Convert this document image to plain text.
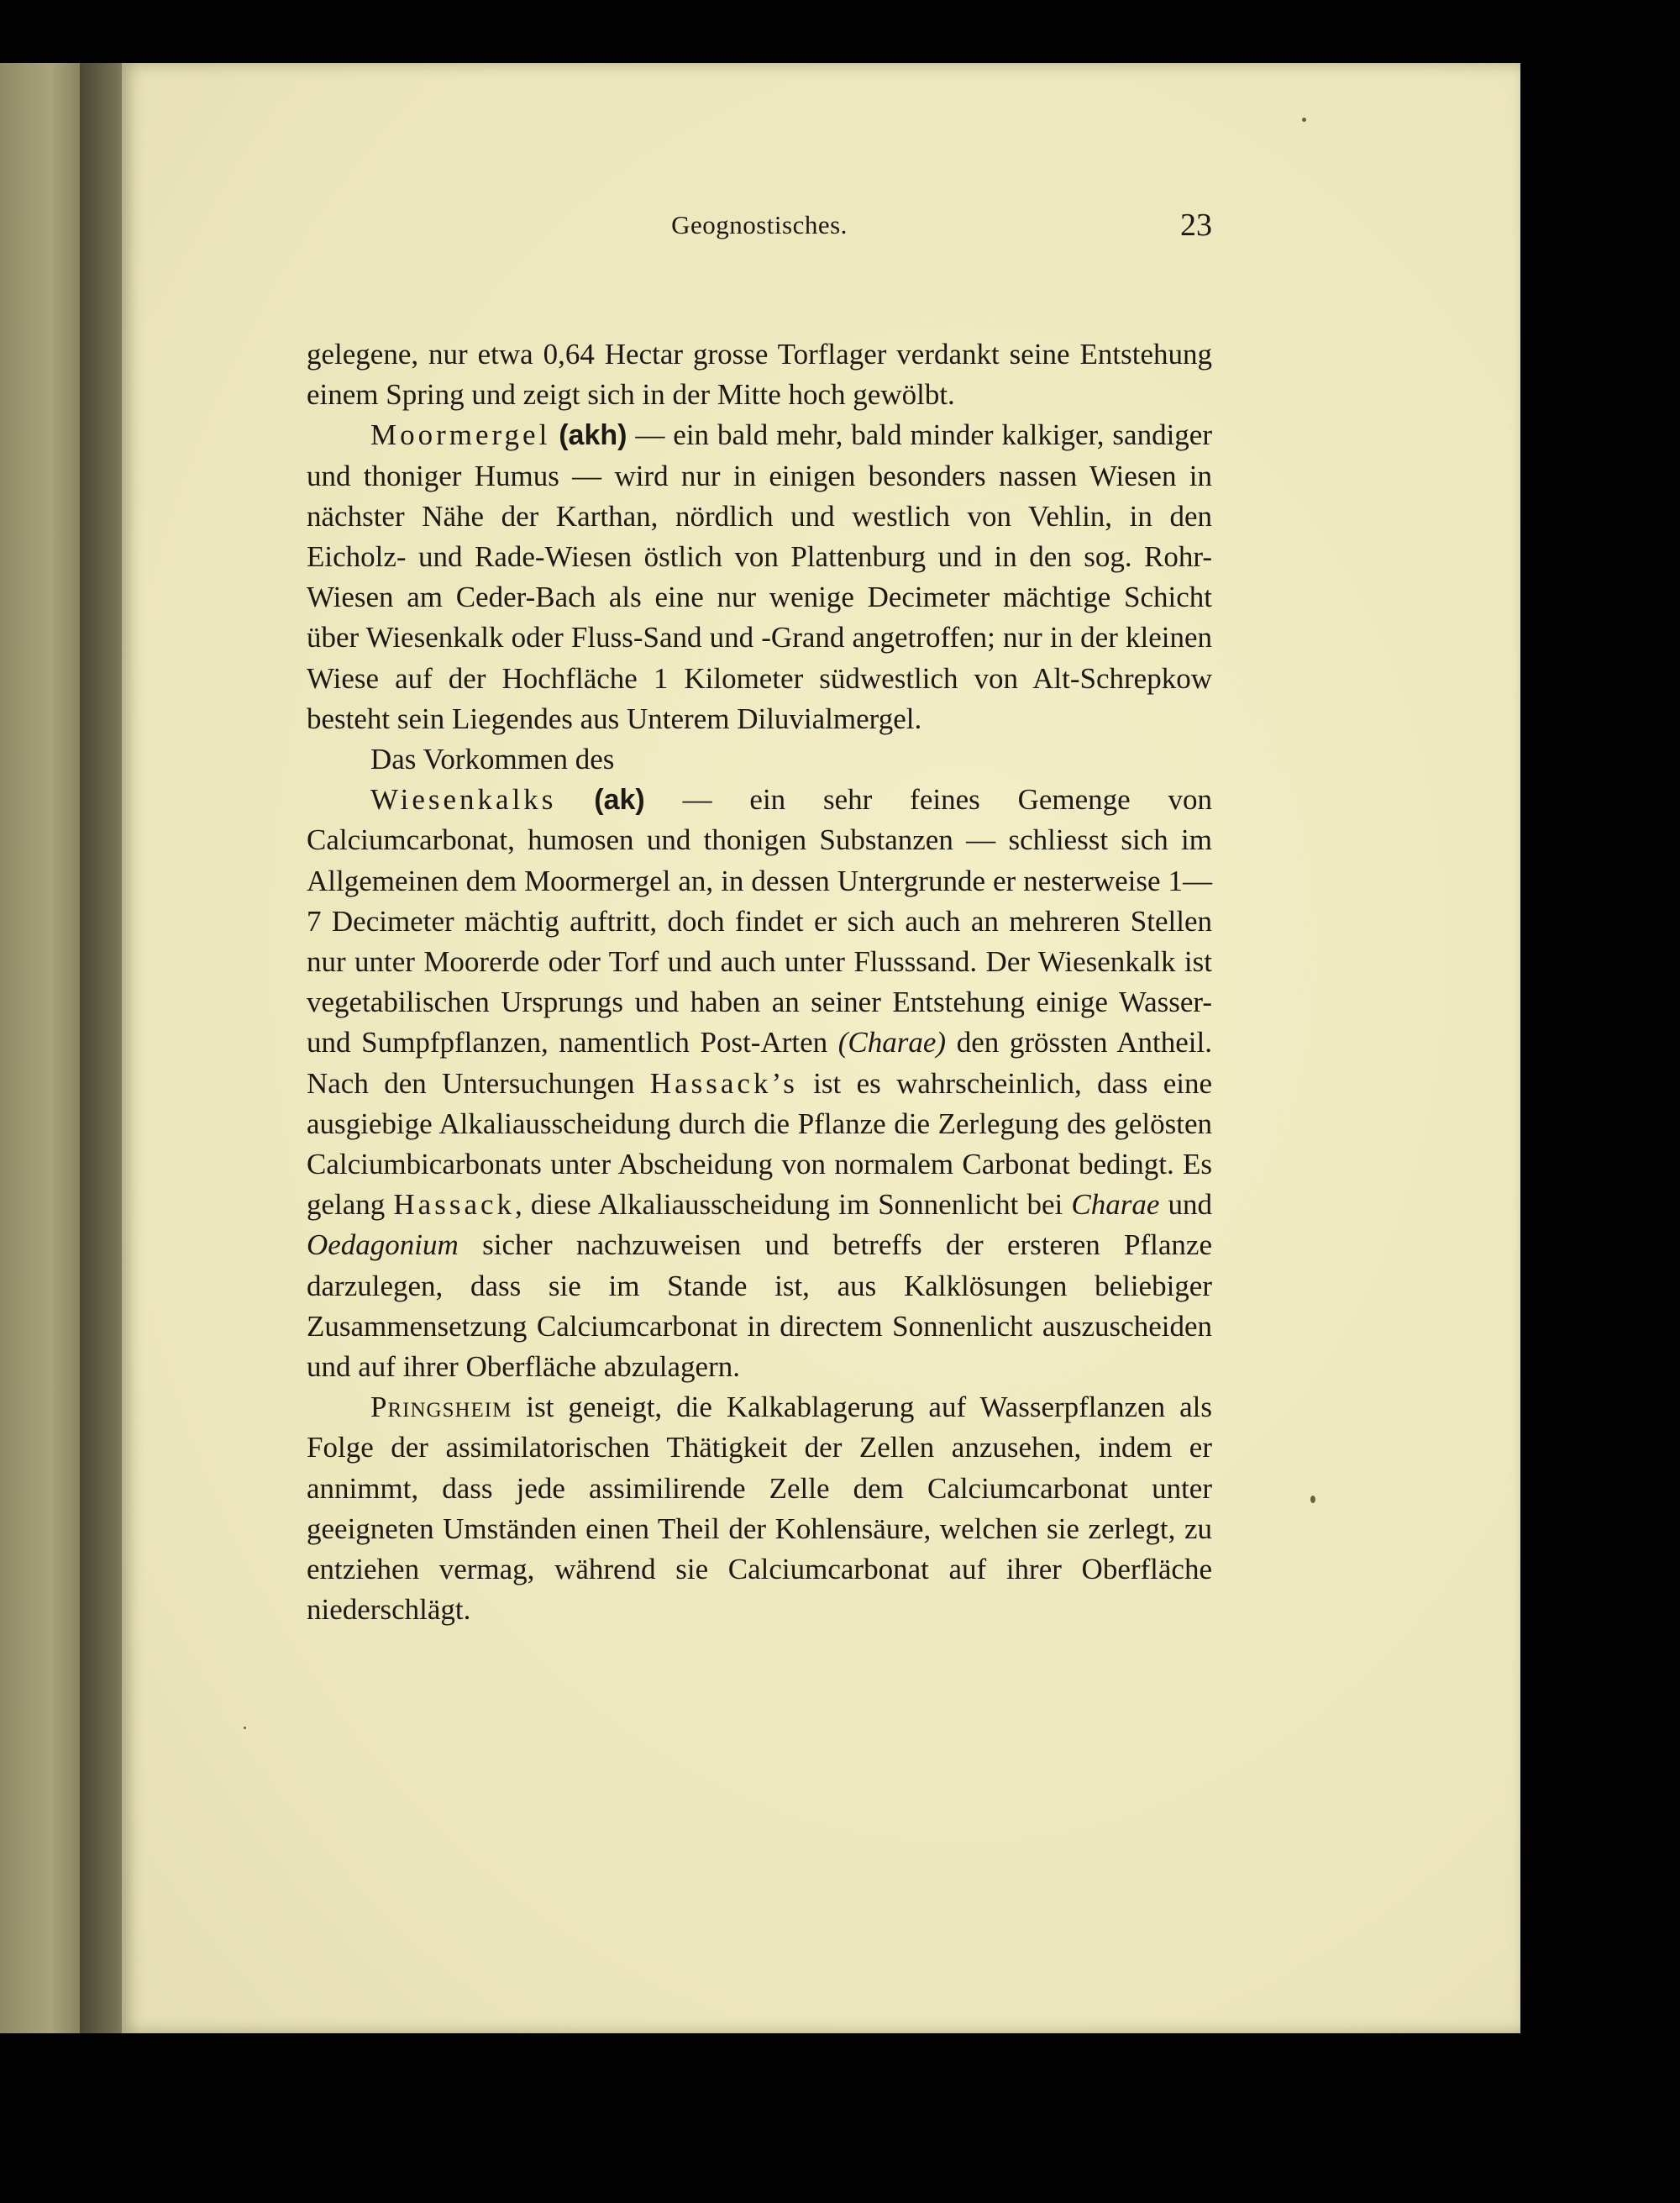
Geognostisches.	23

gelegene, nur etwa 0,64 Hectar grosse Torflager verdankt seine Entstehung einem Spring und zeigt sich in der Mitte hoch gewölbt.

Moormergel (akh) — ein bald mehr, bald minder kalkiger, sandiger und thoniger Humus — wird nur in einigen besonders nassen Wiesen in nächster Nähe der Karthan, nördlich und westlich von Vehlin, in den Eicholz- und Rade-Wiesen östlich von Plattenburg und in den sog. Rohr-Wiesen am Ceder-Bach als eine nur wenige Decimeter mächtige Schicht über Wiesenkalk oder Fluss-Sand und -Grand angetroffen; nur in der kleinen Wiese auf der Hochfläche 1 Kilometer südwestlich von Alt-Schrepkow besteht sein Liegendes aus Unterem Diluvialmergel.

Das Vorkommen des

Wiesenkalks (ak) — ein sehr feines Gemenge von Calciumcarbonat, humosen und thonigen Substanzen — schliesst sich im Allgemeinen dem Moormergel an, in dessen Untergrunde er nesterweise 1—7 Decimeter mächtig auftritt, doch findet er sich auch an mehreren Stellen nur unter Moorerde oder Torf und auch unter Flusssand. Der Wiesenkalk ist vegetabilischen Ursprungs und haben an seiner Entstehung einige Wasser- und Sumpfpflanzen, namentlich Post-Arten (Charae) den grössten Antheil. Nach den Untersuchungen Hassack’s ist es wahrscheinlich, dass eine ausgiebige Alkaliausscheidung durch die Pflanze die Zerlegung des gelösten Calciumbicarbonats unter Abscheidung von normalem Carbonat bedingt. Es gelang Hassack, diese Alkaliausscheidung im Sonnenlicht bei Charae und Oedagonium sicher nachzuweisen und betreffs der ersteren Pflanze darzulegen, dass sie im Stande ist, aus Kalklösungen beliebiger Zusammensetzung Calciumcarbonat in directem Sonnenlicht auszuscheiden und auf ihrer Oberfläche abzulagern.

Pringsheim ist geneigt, die Kalkablagerung auf Wasserpflanzen als Folge der assimilatorischen Thätigkeit der Zellen anzusehen, indem er annimmt, dass jede assimilirende Zelle dem Calciumcarbonat unter geeigneten Umständen einen Theil der Kohlensäure, welchen sie zerlegt, zu entziehen vermag, während sie Calciumcarbonat auf ihrer Oberfläche niederschlägt.
